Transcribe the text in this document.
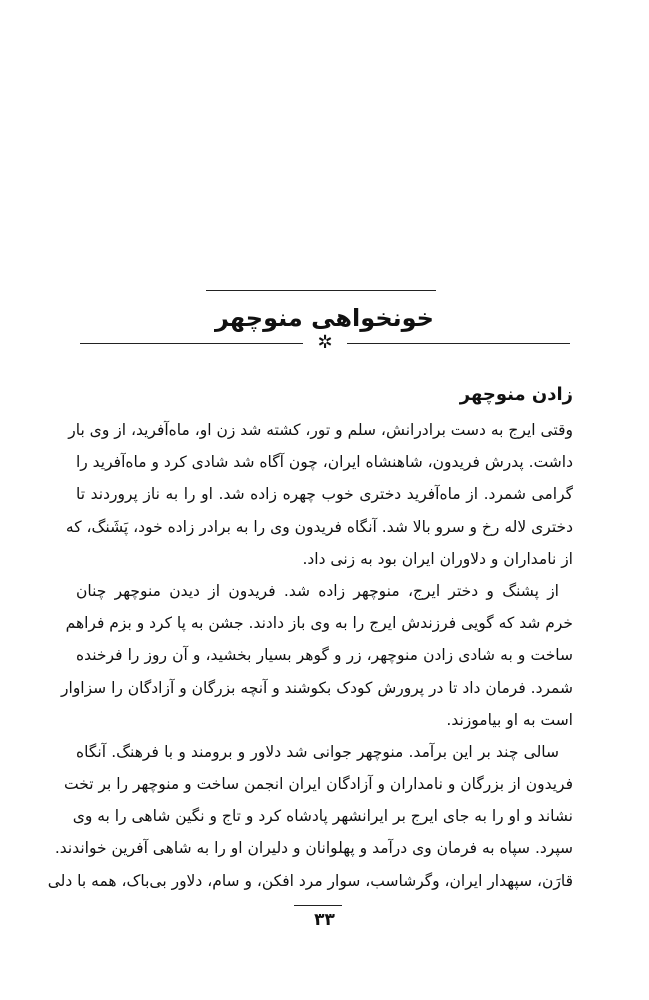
خونخواهی منوچهر
✲
زادن منوچهر
وقتی ایرج به دست برادرانش، سلم و تور، کشته شد زن او، ماه‌آفرید، از وی بار
داشت. پدرش فریدون، شاهنشاه ایران، چون آگاه شد شادی کرد و ماه‌آفرید را
گرامی شمرد. از ماه‌آفرید دختری خوب چهره زاده شد. او را به ناز پروردند تا
دختری لاله رخ و سرو بالا شد. آنگاه فریدون وی را به برادر زاده خود، پَشَنگ، که
از نامداران و دلاوران ایران بود به زنی داد.
از پشنگ و دختر ایرج، منوچهر زاده شد. فریدون از دیدن منوچهر چنان
خرم شد که گویی فرزندش ایرج را به وی باز دادند. جشن به پا کرد و بزم فراهم
ساخت و به شادی زادن منوچهر، زر و گوهر بسیار بخشید، و آن روز را فرخنده
شمرد. فرمان داد تا در پرورش کودک بکوشند و آنچه بزرگان و آزادگان را سزاوار
است به او بیاموزند.
سالی چند بر این برآمد. منوچهر جوانی شد دلاور و برومند و با فرهنگ. آنگاه
فریدون از بزرگان و نامداران و آزادگان ایران انجمن ساخت و منوچهر را بر تخت
نشاند و او را به جای ایرج بر ایرانشهر پادشاه کرد و تاج و نگین شاهی را به وی
سپرد. سپاه به فرمان وی درآمد و پهلوانان و دلیران او را به شاهی آفرین خواندند.
قارَن، سپهدار ایران، وگرشاسب، سوار مرد افکن، و سام، دلاور بی‌باک، همه با دلی
۳۳
